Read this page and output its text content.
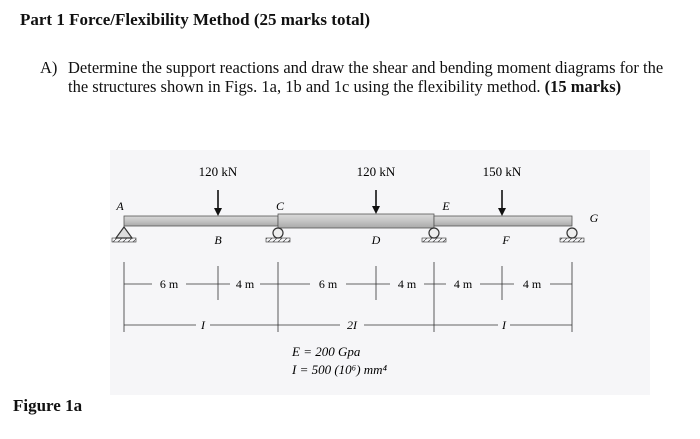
Part 1 Force/Flexibility Method (25 marks total)
A) Determine the support reactions and draw the shear and bending moment diagrams for the the structures shown in Figs. 1a, 1b and 1c using the flexibility method. (15 marks)
120 kN	120 kN	150 kN
A
B
C
D
E
F
G
6 m	4 m	6 m	4 m	4 m	4 m
I	2I	I
E = 200 Gpa
I = 500 (10⁶) mm⁴
Figure 1a
